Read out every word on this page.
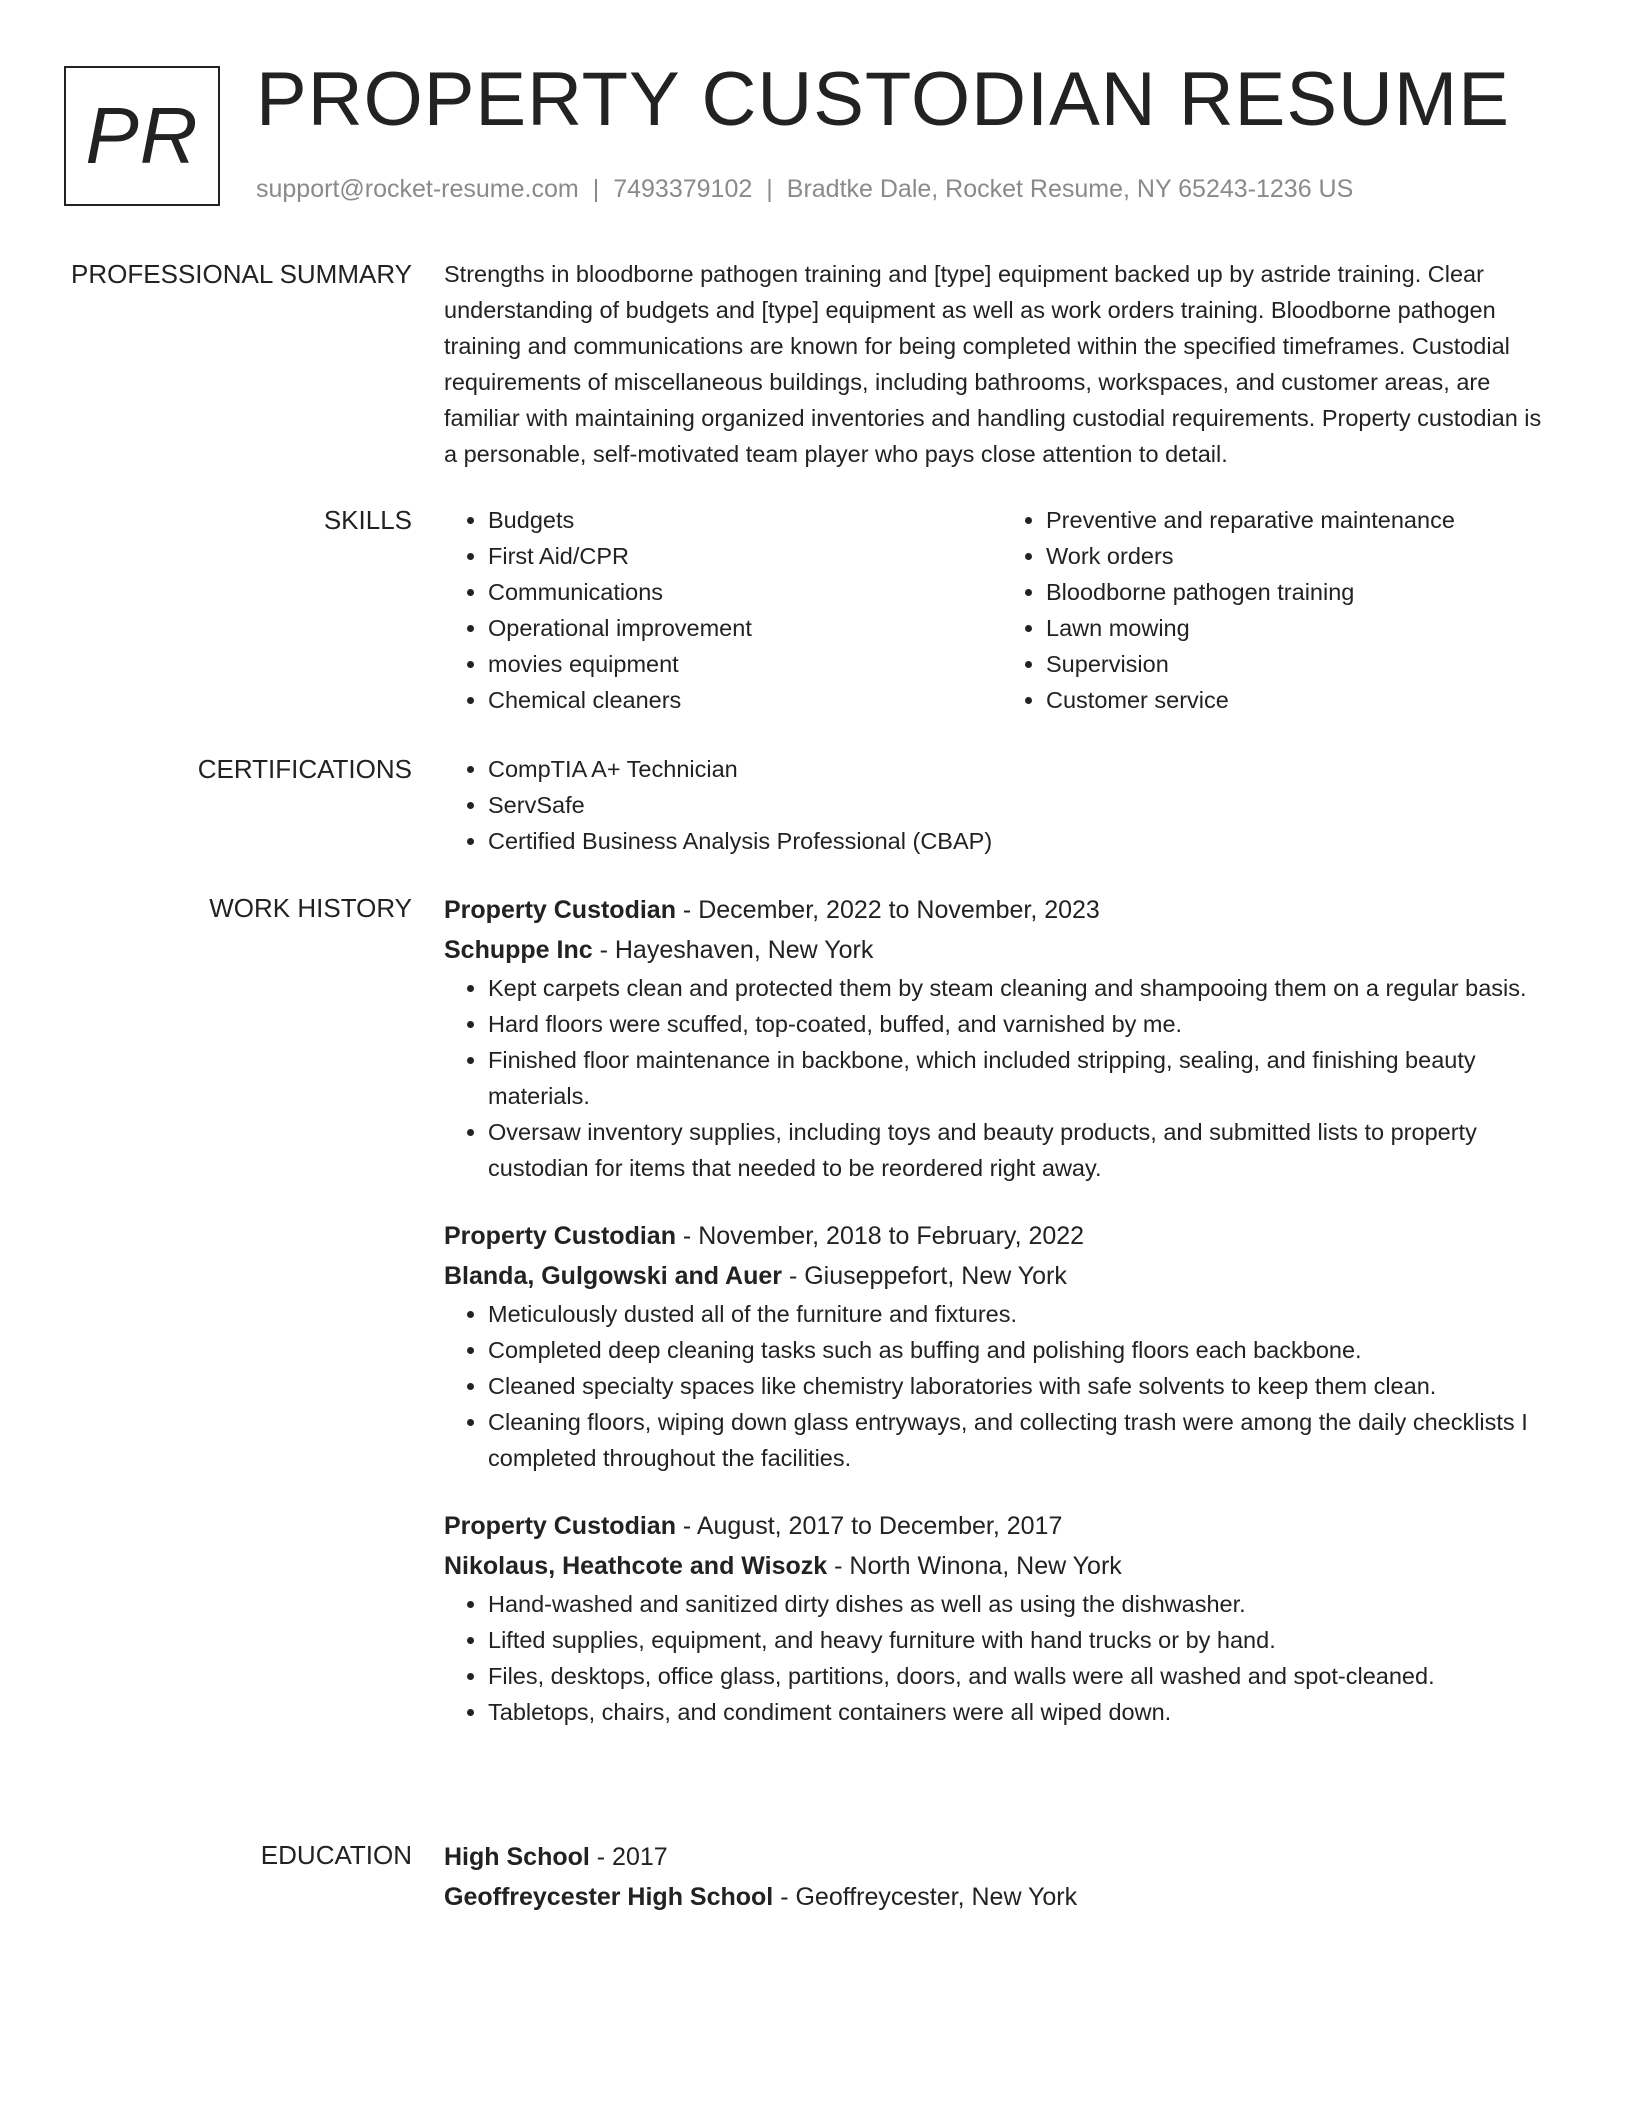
PR PROPERTY CUSTODIAN RESUME
support@rocket-resume.com | 7493379102 | Bradtke Dale, Rocket Resume, NY 65243-1236 US
PROFESSIONAL SUMMARY Strengths in bloodborne pathogen training and [type] equipment backed up by astride training. Clear understanding of budgets and [type] equipment as well as work orders training. Bloodborne pathogen training and communications are known for being completed within the specified timeframes. Custodial requirements of miscellaneous buildings, including bathrooms, workspaces, and customer areas, are familiar with maintaining organized inventories and handling custodial requirements. Property custodian is a personable, self-motivated team player who pays close attention to detail.

SKILLS	• Budgets
• First Aid/CPR
• Communications
• Operational improvement
• movies equipment
• Chemical cleaners
• Preventive and reparative maintenance
• Work orders
• Bloodborne pathogen training
• Lawn mowing
• Supervision
• Customer service
CERTIFICATIONS	• CompTIA A+ Technician
• ServSafe
• Certified Business Analysis Professional (CBAP)
WORK HISTORY Property Custodian - December, 2022 to November, 2023
Schuppe Inc - Hayeshaven, New York
• Kept carpets clean and protected them by steam cleaning and shampooing them on a regular basis.
• Hard floors were scuffed, top-coated, buffed, and varnished by me.
• Finished floor maintenance in backbone, which included stripping, sealing, and finishing beauty materials.
• Oversaw inventory supplies, including toys and beauty products, and submitted lists to property custodian for items that needed to be reordered right away.
Property Custodian - November, 2018 to February, 2022
Blanda, Gulgowski and Auer - Giuseppefort, New York
• Meticulously dusted all of the furniture and fixtures.
• Completed deep cleaning tasks such as buffing and polishing floors each backbone.
• Cleaned specialty spaces like chemistry laboratories with safe solvents to keep them clean.
• Cleaning floors, wiping down glass entryways, and collecting trash were among the daily checklists I completed throughout the facilities.
Property Custodian - August, 2017 to December, 2017
Nikolaus, Heathcote and Wisozk - North Winona, New York
• Hand-washed and sanitized dirty dishes as well as using the dishwasher.
• Lifted supplies, equipment, and heavy furniture with hand trucks or by hand.
• Files, desktops, office glass, partitions, doors, and walls were all washed and spot-cleaned.
• Tabletops, chairs, and condiment containers were all wiped down.
EDUCATION High School - 2017
Geoffreycester High School - Geoffreycester, New York
